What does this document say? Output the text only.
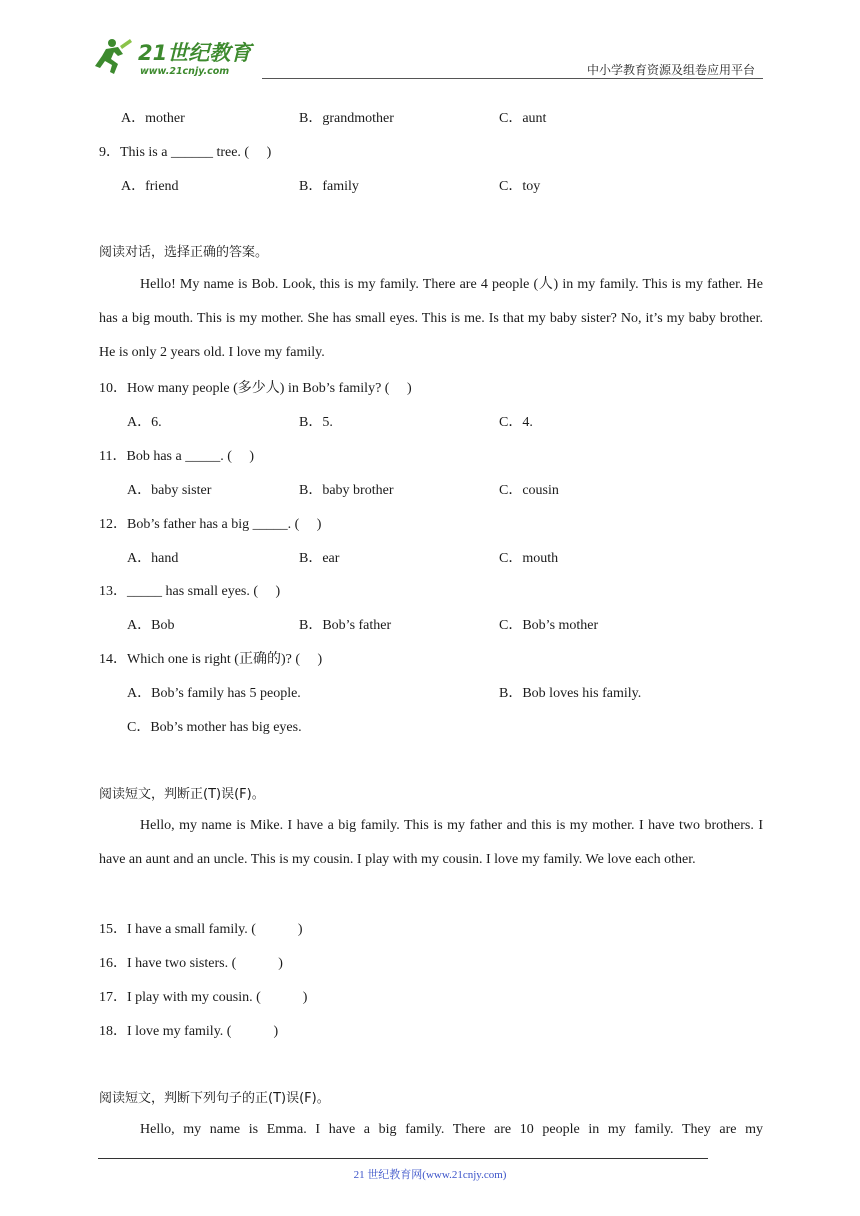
21世纪教育
www.21cnjy.com	中小学教育资源及组卷应用平台
A．mother	B．grandmother	C．aunt
9．This is a ______ tree. (　 )
A．friend	B．family	C．toy
阅读对话，选择正确的答案。

Hello! My name is Bob. Look, this is my family. There are 4 people (人) in my family. This is my father. He has a big mouth. This is my mother. She has small eyes. This is me. Is that my baby sister? No, it’s my baby brother. He is only 2 years old. I love my family.

10．How many people (多少人) in Bob’s family? (　 )
A．6.	B．5.	C．4.
11．Bob has a _____. (　 )
A．baby sister	B．baby brother	C．cousin
12．Bob’s father has a big _____. (　 )
A．hand	B．ear	C．mouth
13．_____ has small eyes. (　 )
A．Bob	B．Bob’s father	C．Bob’s mother
14．Which one is right (正确的)? (　 )
A．Bob’s family has 5 people.	B．Bob loves his family.
C．Bob’s mother has big eyes.
阅读短文，判断正(T)误(F)。

Hello, my name is Mike. I have a big family. This is my father and this is my mother. I have two brothers. I have an aunt and an uncle. This is my cousin. I play with my cousin. I love my family. We love each other.

15．I have a small family. (　　　)
16．I have two sisters. (　　　)
17．I play with my cousin. (　　　)
18．I love my family. (　　　)
阅读短文，判断下列句子的正(T)误(F)。

Hello, my name is Emma. I have a big family. There are 10 people in my family. They are my

21 世纪教育网(www.21cnjy.com)
